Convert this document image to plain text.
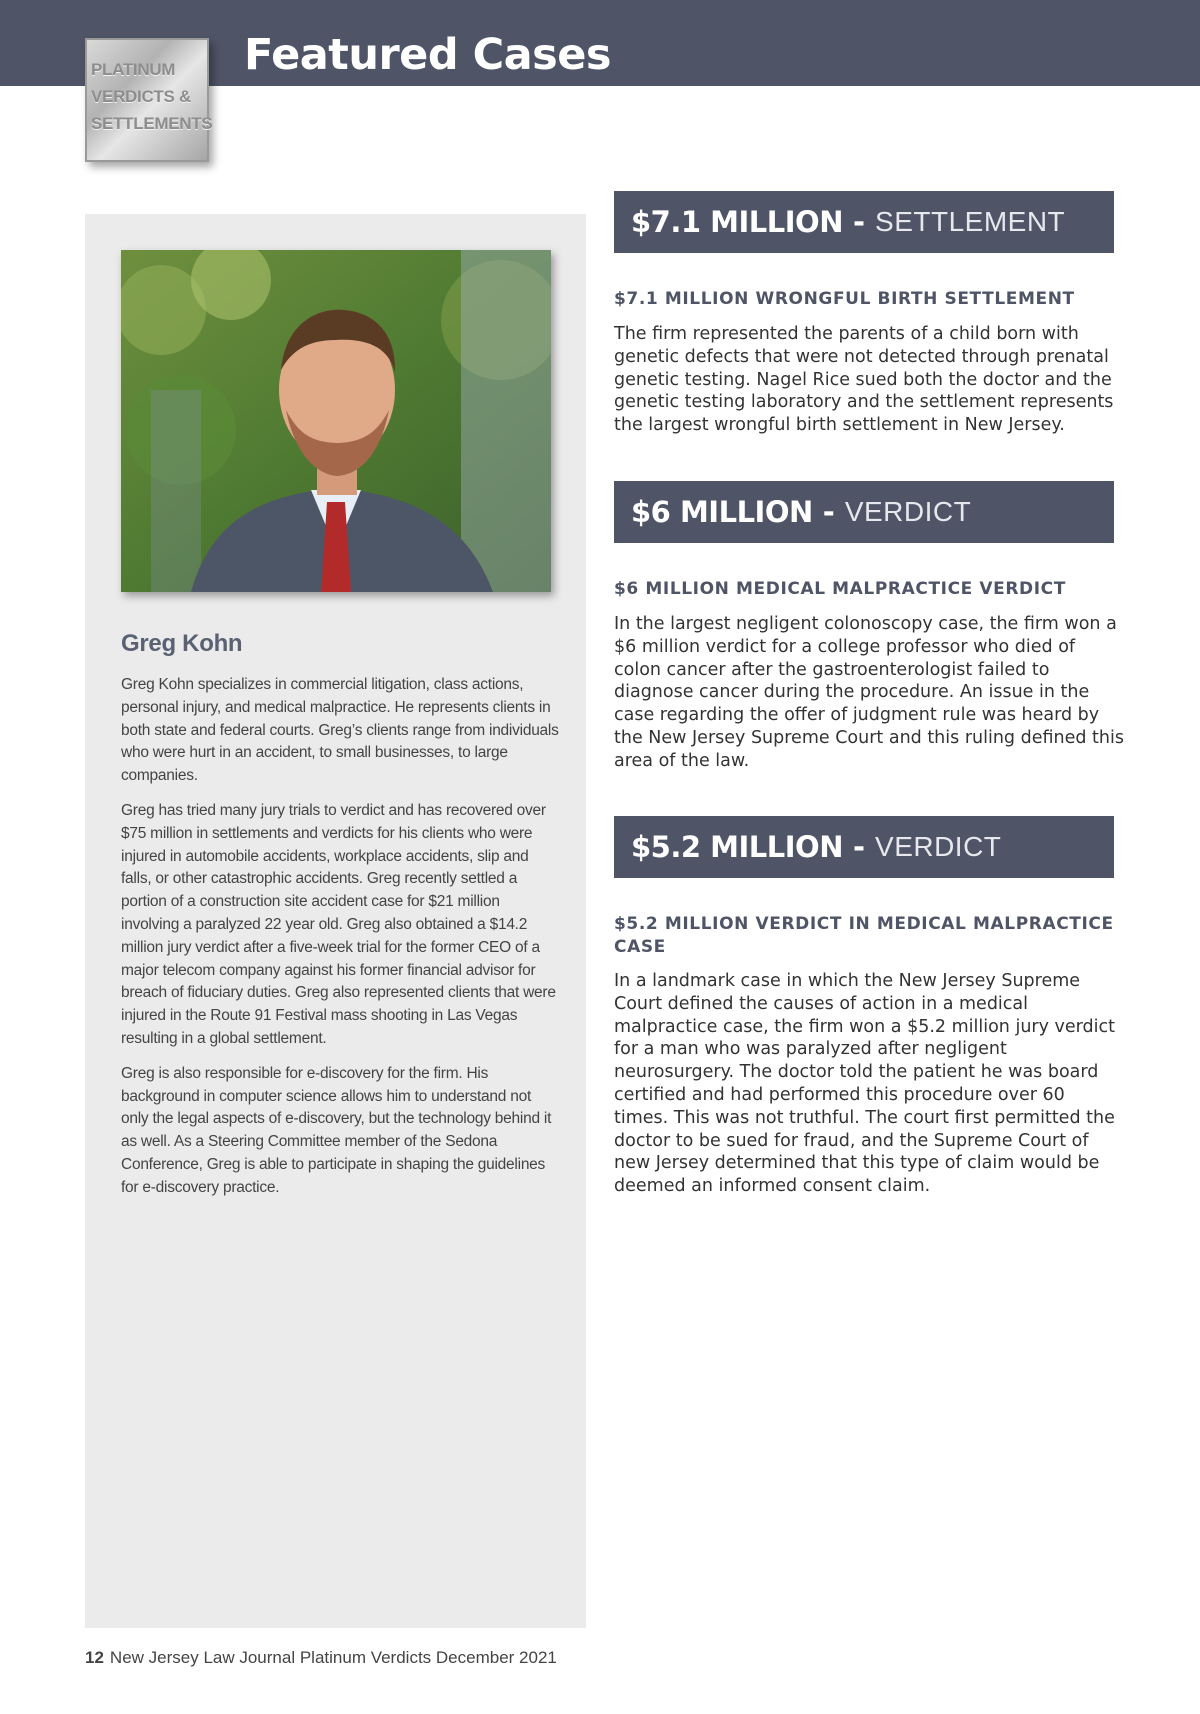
PLATINUM
VERDICTS &
SETTLEMENTS
Featured Cases
Greg Kohn

Greg Kohn specializes in commercial litigation, class actions, personal injury, and medical malpractice. He represents clients in both state and federal courts. Greg’s clients range from individuals who were hurt in an accident, to small businesses, to large companies.

Greg has tried many jury trials to verdict and has recovered over $75 million in settlements and verdicts for his clients who were injured in automobile accidents, workplace accidents, slip and falls, or other catastrophic accidents. Greg recently settled a portion of a construction site accident case for $21 million involving a paralyzed 22 year old. Greg also obtained a $14.2 million jury verdict after a five-week trial for the former CEO of a major telecom company against his former financial advisor for breach of fiduciary duties. Greg also represented clients that were injured in the Route 91 Festival mass shooting in Las Vegas resulting in a global settlement.

Greg is also responsible for e-discovery for the firm. His background in computer science allows him to understand not only the legal aspects of e-discovery, but the technology behind it as well. As a Steering Committee member of the Sedona Conference, Greg is able to participate in shaping the guidelines for e-discovery practice.

$7.1 MILLION - SETTLEMENT
$7.1 MILLION WRONGFUL BIRTH SETTLEMENT

The firm represented the parents of a child born with genetic defects that were not detected through prenatal genetic testing. Nagel Rice sued both the doctor and the genetic testing laboratory and the settlement represents the largest wrongful birth settlement in New Jersey.

$6 MILLION - VERDICT
$6 MILLION MEDICAL MALPRACTICE VERDICT

In the largest negligent colonoscopy case, the firm won a $6 million verdict for a college professor who died of colon cancer after the gastroenterologist failed to diagnose cancer during the procedure. An issue in the case regarding the offer of judgment rule was heard by the New Jersey Supreme Court and this ruling defined this area of the law.

$5.2 MILLION - VERDICT
$5.2 MILLION VERDICT IN MEDICAL MALPRACTICE CASE

In a landmark case in which the New Jersey Supreme Court defined the causes of action in a medical malpractice case, the firm won a $5.2 million jury verdict for a man who was paralyzed after negligent neurosurgery. The doctor told the patient he was board certified and had performed this procedure over 60 times. This was not truthful. The court first permitted the doctor to be sued for fraud, and the Supreme Court of new Jersey determined that this type of claim would be deemed an informed consent claim.

12 New Jersey Law Journal Platinum Verdicts December 2021
